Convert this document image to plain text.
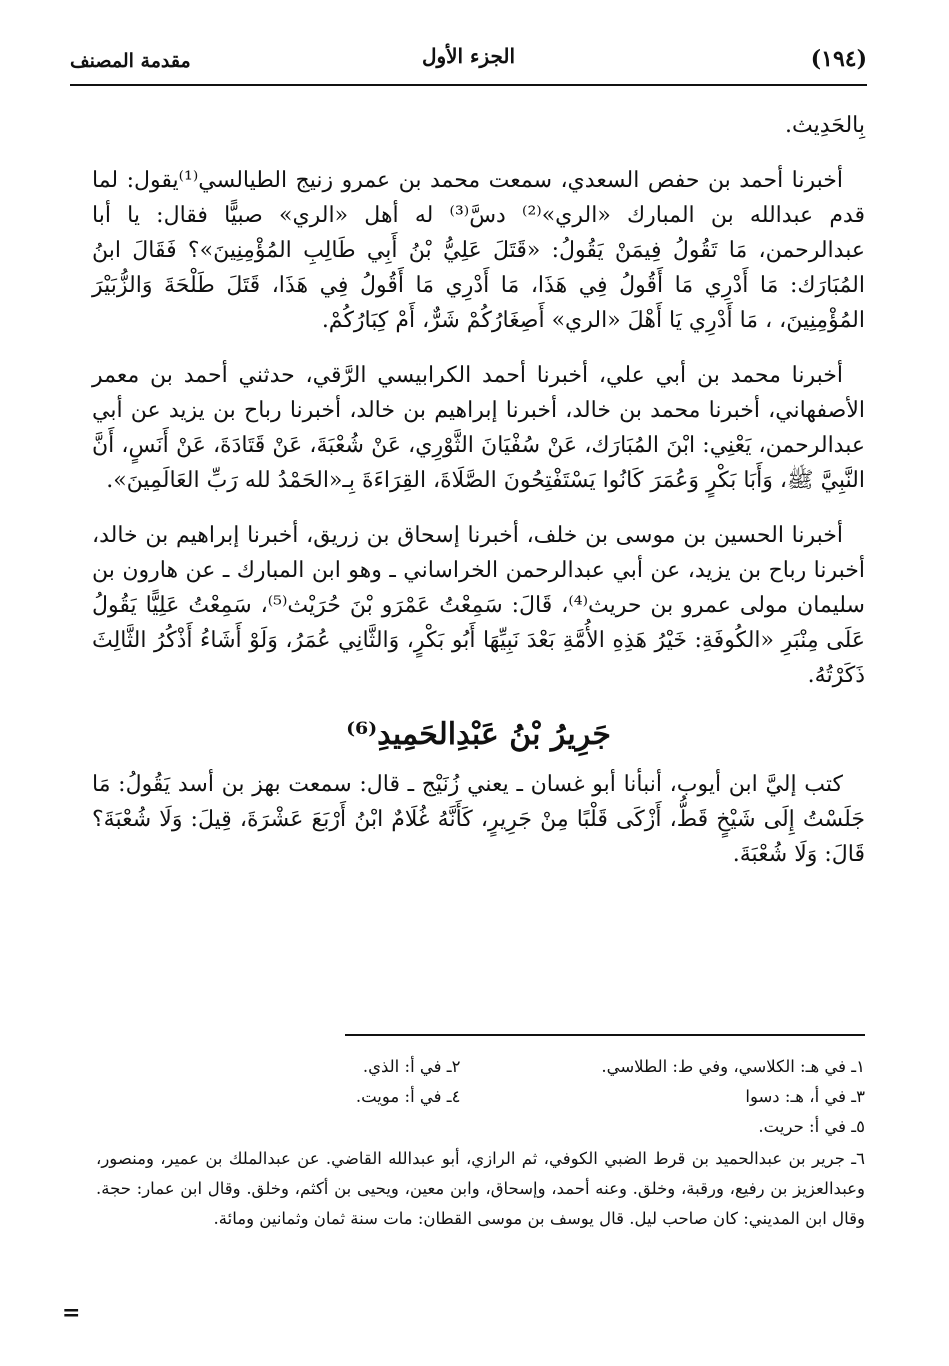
(١٩٤)
الجزء الأول
مقدمة المصنف

بِالحَدِيث.

أخبرنا أحمد بن حفص السعدي، سمعت محمد بن عمرو زنيج الطيالسي⁽¹⁾يقول: لما قدم عبدالله بن المبارك «الري»⁽²⁾ دسَّ⁽³⁾ له أهل «الري» صبيًّا فقال: يا أبا عبدالرحمن، مَا تَقُولُ فِيمَنْ يَقُولُ: «قَتَلَ عَلِيُّ بْنُ أَبِي طَالِبِ المُؤْمِنِينَ»؟ فَقَالَ ابنُ المُبَارَك: مَا أَدْرِي مَا أَقُولُ فِي هَذَا، مَا أَدْرِي مَا أَقُولُ فِي هَذَا، قَتَلَ طَلْحَةَ وَالزُّبَيْرَ المُؤْمِنِينَ، ، مَا أَدْرِي يَا أَهْلَ «الري» أَصِغَارُكُمْ شَرٌّ، أَمْ كِبَارُكُمْ.

أخبرنا محمد بن أبي علي، أخبرنا أحمد الكرابيسي الرَّقي، حدثني أحمد بن معمر الأصفهاني، أخبرنا محمد بن خالد، أخبرنا إبراهيم بن خالد، أخبرنا رباح بن يزيد عن أبي عبدالرحمن، يَعْنِي: ابْنَ المُبَارَك، عَنْ سُفْيَانَ الثَّوْرِي، عَنْ شُعْبَةَ، عَنْ قَتَادَةَ، عَنْ أَنَسٍ، أَنَّ النَّبِيَّ ﷺ، وَأَبَا بَكْرٍ وَعُمَرَ كَانُوا يَسْتَفْتِحُونَ الصَّلَاةَ، القِرَاءَةَ بِـ«الحَمْدُ لله رَبِّ العَالَمِينَ».

أخبرنا الحسين بن موسى بن خلف، أخبرنا إسحاق بن زريق، أخبرنا إبراهيم بن خالد، أخبرنا رباح بن يزيد، عن أبي عبدالرحمن الخراساني ـ وهو ابن المبارك ـ عن هارون بن سليمان مولى عمرو بن حريث⁽⁴⁾، قَالَ: سَمِعْتُ عَمْرَو بْنَ حُرَيْث⁽⁵⁾، سَمِعْتُ عَلِيًّا يَقُولُ عَلَى مِنْبَرِ «الكُوفَةِ: خَيْرُ هَذِهِ الأُمَّةِ بَعْدَ نَبِيِّهَا أَبُو بَكْرٍ، وَالثَّانِي عُمَرُ، وَلَوْ أَشَاءُ أَذْكُرُ الثَّالِثَ ذَكَرْتُهُ.

جَرِيرُ بْنُ عَبْدِالحَمِيدِ⁽⁶⁾

كتب إليَّ ابن أيوب، أنبأنا أبو غسان ـ يعني زُنَيْج ـ قال: سمعت بهز بن أسد يَقُولُ: مَا جَلَسْتُ إِلَى شَيْخٍ قَطُّ، أَزْكَى قَلْبًا مِنْ جَرِيرٍ، كَأَنَّهُ غُلَامٌ ابْنُ أَرْبَعَ عَشْرَةَ، قِيلَ: وَلَا شُعْبَةَ؟ قَالَ: وَلَا شُعْبَةَ.

١ـ في هـ: الكلاسي، وفي ط: الطلاسي.
٢ـ في أ: الذي.
٣ـ في أ، هـ: دسوا
٤ـ في أ: مويت.
٥ـ في أ: حريت.
٦ـ جرير بن عبدالحميد بن قرط الضبي الكوفي، ثم الرازي، أبو عبدالله القاضي. عن عبدالملك بن عمير، ومنصور، وعبدالعزيز بن رفيع، ورقبة، وخلق. وعنه أحمد، وإسحاق، وابن معين، ويحيى بن أكثم، وخلق. وقال ابن عمار: حجة. وقال ابن المديني: كان صاحب ليل. قال يوسف بن موسى القطان: مات سنة ثمان وثمانين ومائة.
=
